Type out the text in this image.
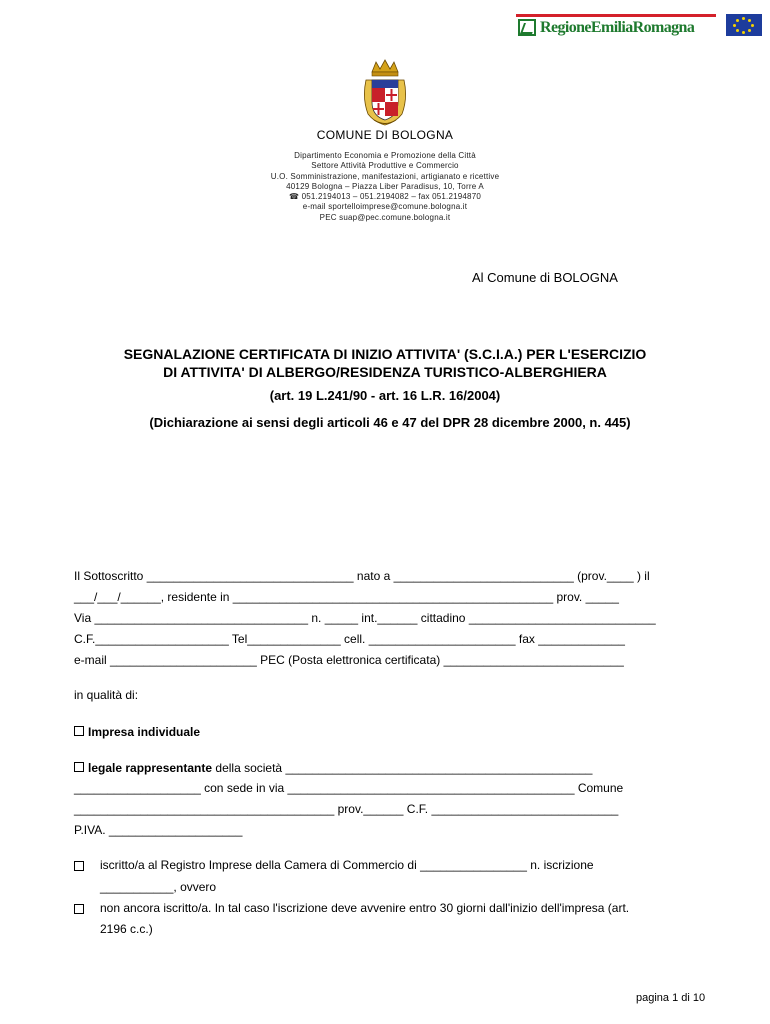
RegioneEmiliaRomagna
COMUNE DI BOLOGNA
Dipartimento Economia e Promozione della Città
Settore Attività Produttive e Commercio
U.O. Somministrazione, manifestazioni, artigianato e ricettive
40129 Bologna – Piazza Liber Paradisus, 10, Torre A
☎ 051.2194013 – 051.2194082 – fax 051.2194870
e-mail sportelloimprese@comune.bologna.it
PEC suap@pec.comune.bologna.it
Al Comune di BOLOGNA
SEGNALAZIONE CERTIFICATA DI INIZIO ATTIVITA' (S.C.I.A.) PER L'ESERCIZIO
DI ATTIVITA' DI ALBERGO/RESIDENZA TURISTICO-ALBERGHIERA
(art. 19 L.241/90 - art. 16 L.R. 16/2004)
(Dichiarazione ai sensi degli articoli 46 e 47 del DPR 28 dicembre 2000, n. 445)
Il Sottoscritto _______________________________ nato a ___________________________ (prov.____ ) il
___/___/______, residente in ________________________________________________ prov. _____
Via ________________________________ n. _____ int.______ cittadino ____________________________
C.F.____________________ Tel______________ cell. ______________________ fax _____________
e-mail ______________________ PEC (Posta elettronica certificata) ___________________________
in qualità di:
Impresa individuale
legale rappresentante della società ______________________________________________
___________________ con sede in via ___________________________________________ Comune
_______________________________________ prov.______ C.F. ____________________________
P.IVA. ____________________
iscritto/a al Registro Imprese della Camera di Commercio di ________________ n. iscrizione
___________, ovvero
non ancora iscritto/a. In tal caso l'iscrizione deve avvenire entro 30 giorni dall'inizio dell'impresa (art.
2196 c.c.)
pagina 1 di 10
